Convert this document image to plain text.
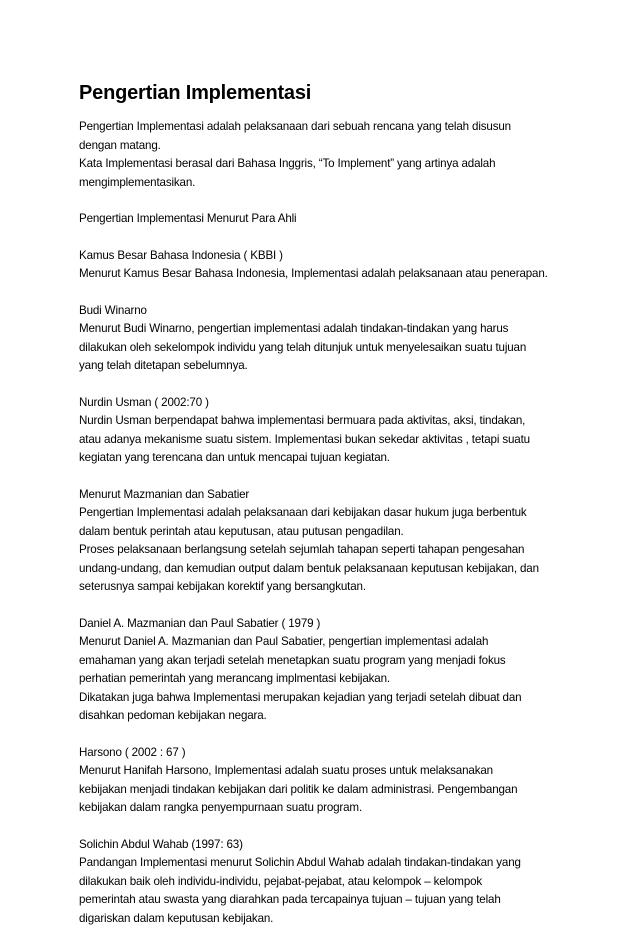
Pengertian Implementasi
Pengertian Implementasi adalah pelaksanaan dari sebuah rencana yang telah disusun
dengan matang.
Kata Implementasi berasal dari Bahasa Inggris, “To Implement” yang artinya adalah
mengimplementasikan.
Pengertian Implementasi Menurut Para Ahli
Kamus Besar Bahasa Indonesia ( KBBI )
Menurut Kamus Besar Bahasa Indonesia, Implementasi adalah pelaksanaan atau penerapan.
Budi Winarno
Menurut Budi Winarno, pengertian implementasi adalah tindakan-tindakan yang harus
dilakukan oleh sekelompok individu yang telah ditunjuk untuk menyelesaikan suatu tujuan
yang telah ditetapan sebelumnya.
Nurdin Usman ( 2002:70 )
Nurdin Usman berpendapat bahwa implementasi bermuara pada aktivitas, aksi, tindakan,
atau adanya mekanisme suatu sistem. Implementasi bukan sekedar aktivitas , tetapi suatu
kegiatan yang terencana dan untuk mencapai tujuan kegiatan.
Menurut Mazmanian dan Sabatier
Pengertian Implementasi adalah pelaksanaan dari kebijakan dasar hukum juga berbentuk
dalam bentuk perintah atau keputusan, atau putusan pengadilan.
Proses pelaksanaan berlangsung setelah sejumlah tahapan seperti tahapan pengesahan
undang-undang, dan kemudian output dalam bentuk pelaksanaan keputusan kebijakan, dan
seterusnya sampai kebijakan korektif yang bersangkutan.
Daniel A. Mazmanian dan Paul Sabatier ( 1979 )
Menurut Daniel A. Mazmanian dan Paul Sabatier, pengertian implementasi adalah
emahaman yang akan terjadi setelah menetapkan suatu program yang menjadi fokus
perhatian pemerintah yang merancang implmentasi kebijakan.
Dikatakan juga bahwa Implementasi merupakan kejadian yang terjadi setelah dibuat dan
disahkan pedoman kebijakan negara.
Harsono ( 2002 : 67 )
Menurut Hanifah Harsono, Implementasi adalah suatu proses untuk melaksanakan
kebijakan menjadi tindakan kebijakan dari politik ke dalam administrasi. Pengembangan
kebijakan dalam rangka penyempurnaan suatu program.
Solichin Abdul Wahab (1997: 63)
Pandangan Implementasi menurut Solichin Abdul Wahab adalah tindakan-tindakan yang
dilakukan baik oleh individu-individu, pejabat-pejabat, atau kelompok – kelompok
pemerintah atau swasta yang diarahkan pada tercapainya tujuan – tujuan yang telah
digariskan dalam keputusan kebijakan.
